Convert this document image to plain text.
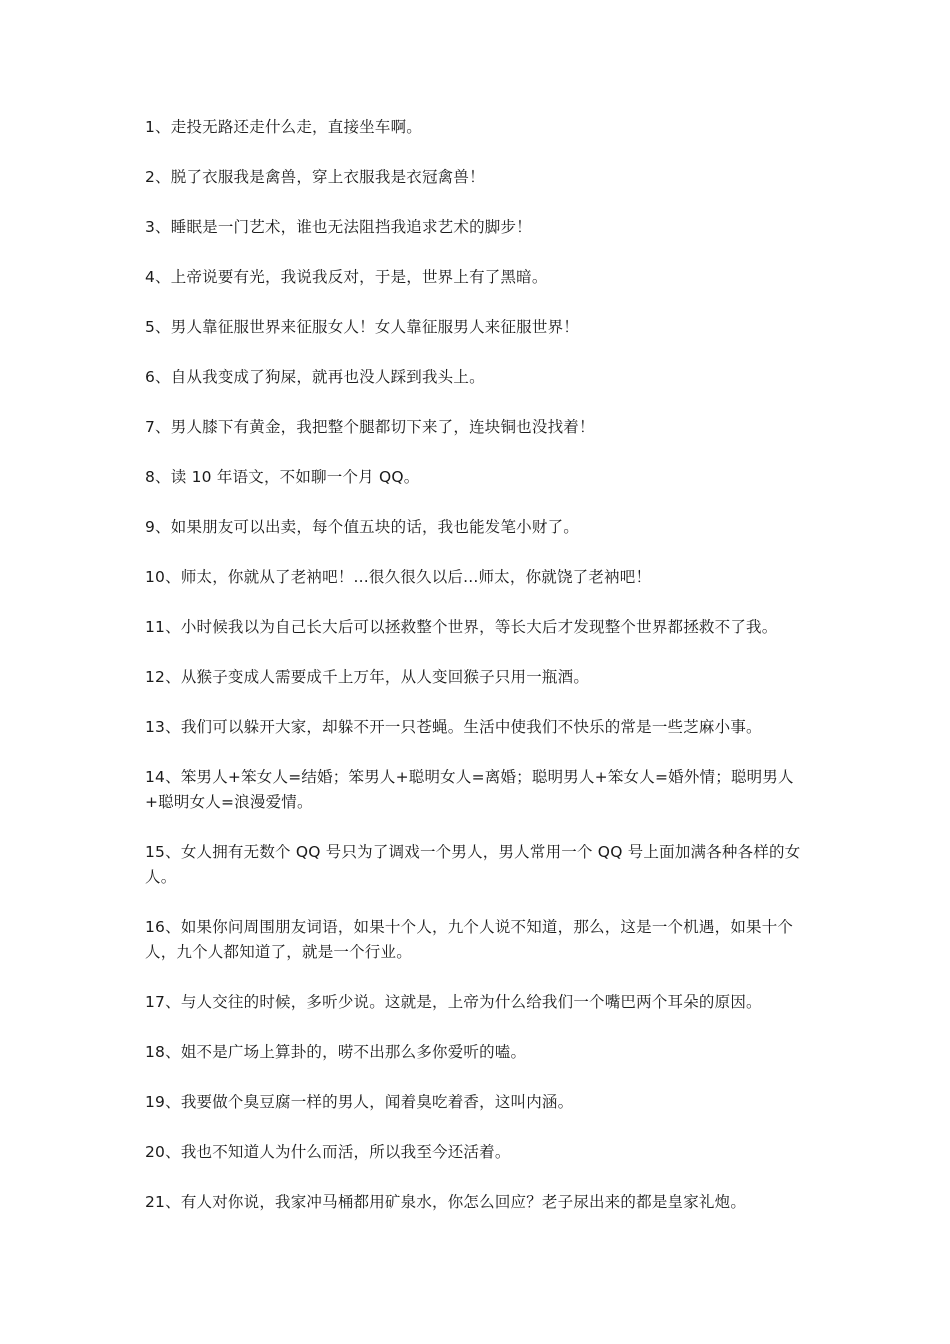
1、走投无路还走什么走，直接坐车啊。

2、脱了衣服我是禽兽，穿上衣服我是衣冠禽兽！

3、睡眠是一门艺术，谁也无法阻挡我追求艺术的脚步！

4、上帝说要有光，我说我反对，于是，世界上有了黑暗。

5、男人靠征服世界来征服女人！女人靠征服男人来征服世界！

6、自从我变成了狗屎，就再也没人踩到我头上。

7、男人膝下有黄金，我把整个腿都切下来了，连块铜也没找着！

8、读 10 年语文，不如聊一个月 QQ。

9、如果朋友可以出卖，每个值五块的话，我也能发笔小财了。

10、师太，你就从了老衲吧！...很久很久以后...师太，你就饶了老衲吧！

11、小时候我以为自己长大后可以拯救整个世界，等长大后才发现整个世界都拯救不了我。

12、从猴子变成人需要成千上万年，从人变回猴子只用一瓶酒。

13、我们可以躲开大家，却躲不开一只苍蝇。生活中使我们不快乐的常是一些芝麻小事。

14、笨男人+笨女人=结婚；笨男人+聪明女人=离婚；聪明男人+笨女人=婚外情；聪明男人+聪明女人=浪漫爱情。

15、女人拥有无数个 QQ 号只为了调戏一个男人，男人常用一个 QQ 号上面加满各种各样的女人。

16、如果你问周围朋友词语，如果十个人，九个人说不知道，那么，这是一个机遇，如果十个人，九个人都知道了，就是一个行业。

17、与人交往的时候，多听少说。这就是，上帝为什么给我们一个嘴巴两个耳朵的原因。

18、姐不是广场上算卦的，唠不出那么多你爱听的嗑。

19、我要做个臭豆腐一样的男人，闻着臭吃着香，这叫内涵。

20、我也不知道人为什么而活，所以我至今还活着。

21、有人对你说，我家冲马桶都用矿泉水，你怎么回应？老子尿出来的都是皇家礼炮。
